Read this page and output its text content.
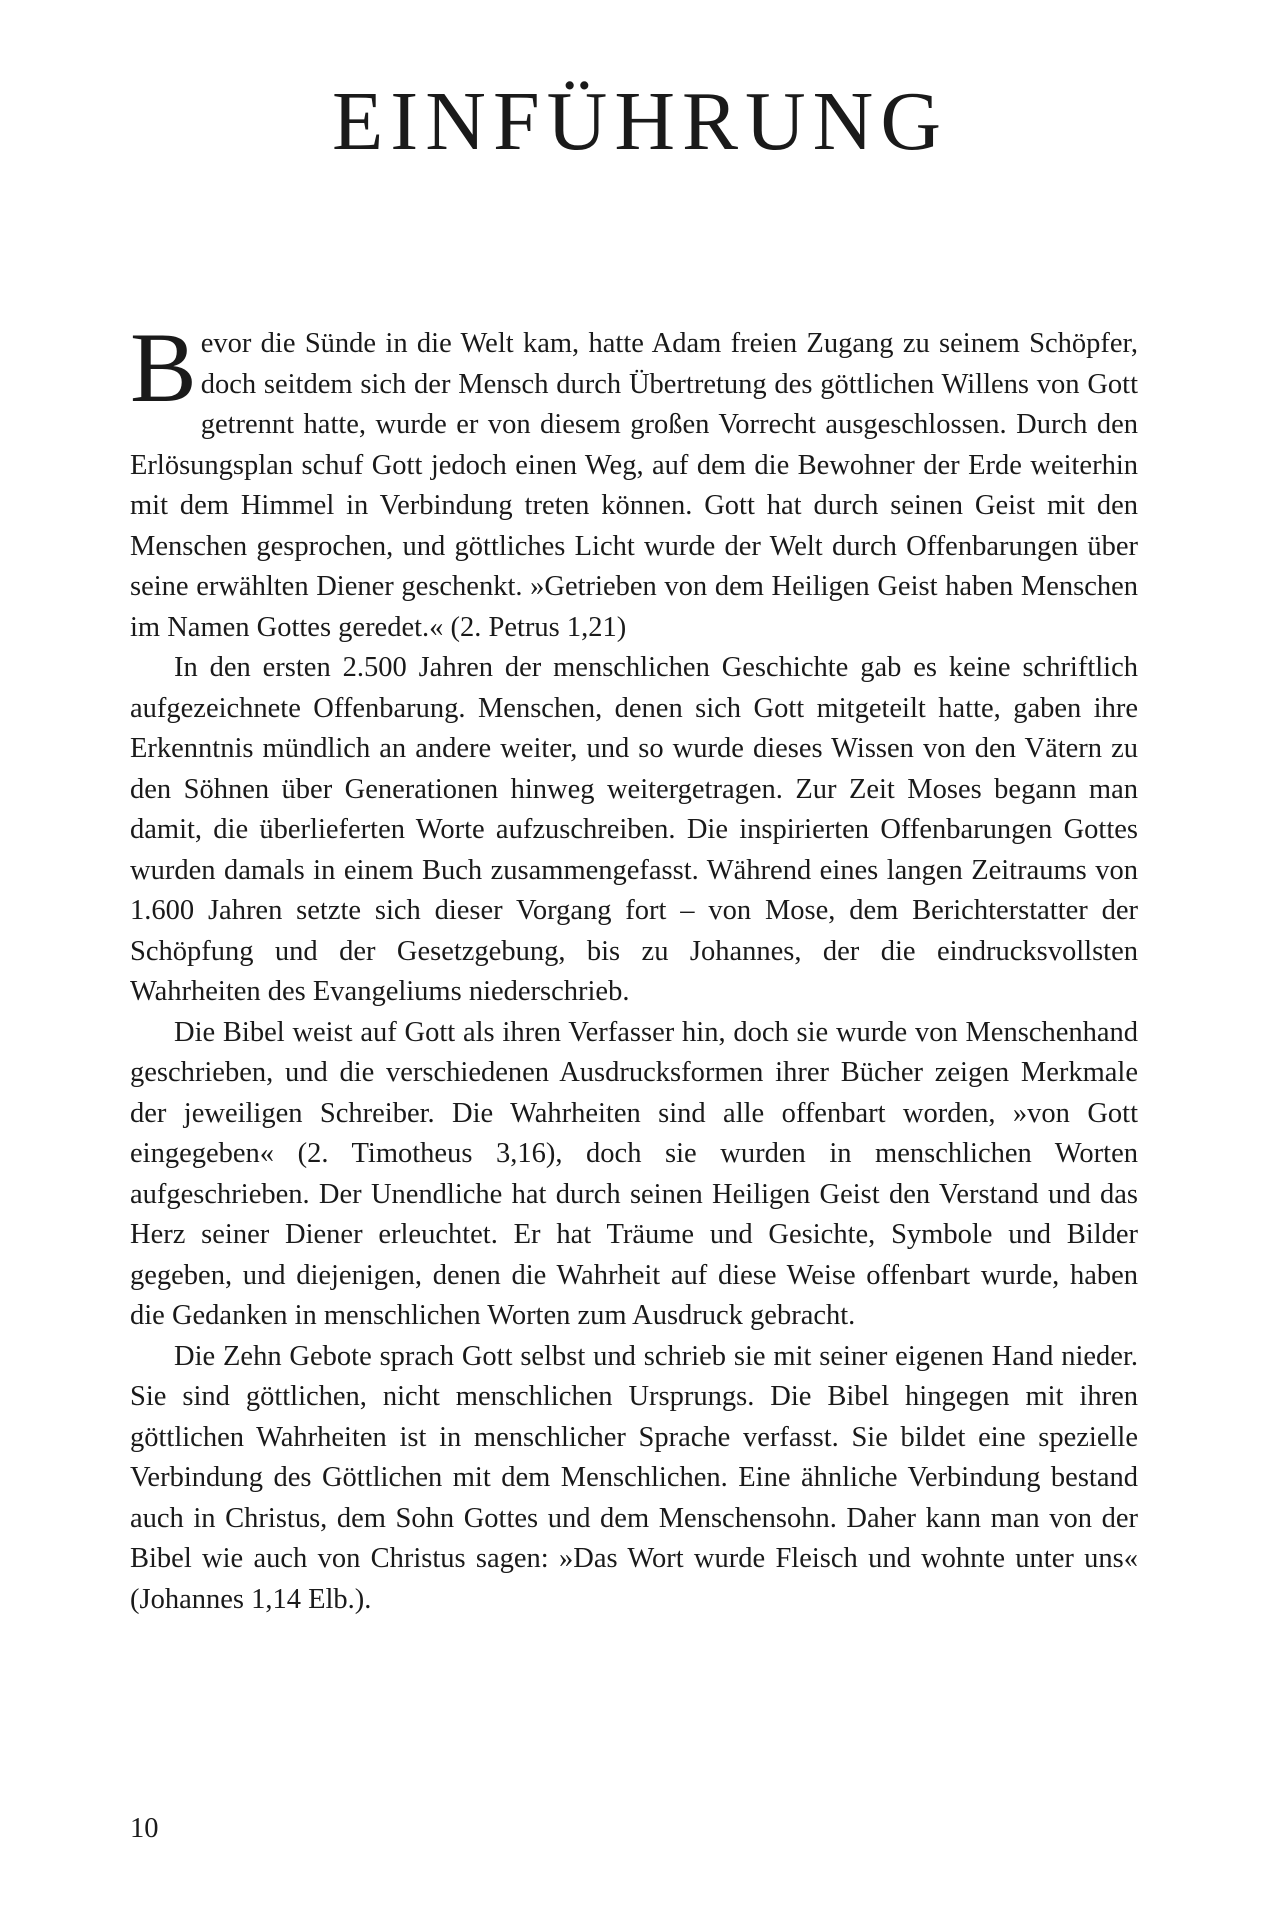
EINFÜHRUNG

Bevor die Sünde in die Welt kam, hatte Adam freien Zugang zu seinem Schöpfer, doch seitdem sich der Mensch durch Übertretung des göttlichen Willens von Gott getrennt hatte, wurde er von diesem großen Vorrecht ausgeschlossen. Durch den Erlösungsplan schuf Gott jedoch einen Weg, auf dem die Bewohner der Erde weiterhin mit dem Himmel in Verbindung treten können. Gott hat durch seinen Geist mit den Menschen gesprochen, und göttliches Licht wurde der Welt durch Offenbarungen über seine erwählten Diener geschenkt. »Getrieben von dem Heiligen Geist haben Menschen im Namen Gottes geredet.« (2. Petrus 1,21)

In den ersten 2.500 Jahren der menschlichen Geschichte gab es keine schriftlich aufgezeichnete Offenbarung. Menschen, denen sich Gott mitgeteilt hatte, gaben ihre Erkenntnis mündlich an andere weiter, und so wurde dieses Wissen von den Vätern zu den Söhnen über Generationen hinweg weitergetragen. Zur Zeit Moses begann man damit, die überlieferten Worte aufzuschreiben. Die inspirierten Offenbarungen Gottes wurden damals in einem Buch zusammengefasst. Während eines langen Zeitraums von 1.600 Jahren setzte sich dieser Vorgang fort – von Mose, dem Berichterstatter der Schöpfung und der Gesetzgebung, bis zu Johannes, der die eindrucksvollsten Wahrheiten des Evangeliums niederschrieb.

Die Bibel weist auf Gott als ihren Verfasser hin, doch sie wurde von Menschenhand geschrieben, und die verschiedenen Ausdrucksformen ihrer Bücher zeigen Merkmale der jeweiligen Schreiber. Die Wahrheiten sind alle offenbart worden, »von Gott eingegeben« (2. Timotheus 3,16), doch sie wurden in menschlichen Worten aufgeschrieben. Der Unendliche hat durch seinen Heiligen Geist den Verstand und das Herz seiner Diener erleuchtet. Er hat Träume und Gesichte, Symbole und Bilder gegeben, und diejenigen, denen die Wahrheit auf diese Weise offenbart wurde, haben die Gedanken in menschlichen Worten zum Ausdruck gebracht.

Die Zehn Gebote sprach Gott selbst und schrieb sie mit seiner eigenen Hand nieder. Sie sind göttlichen, nicht menschlichen Ursprungs. Die Bibel hingegen mit ihren göttlichen Wahrheiten ist in menschlicher Sprache verfasst. Sie bildet eine spezielle Verbindung des Göttlichen mit dem Menschlichen. Eine ähnliche Verbindung bestand auch in Christus, dem Sohn Gottes und dem Menschensohn. Daher kann man von der Bibel wie auch von Christus sagen: »Das Wort wurde Fleisch und wohnte unter uns« (Johannes 1,14 Elb.).

10
